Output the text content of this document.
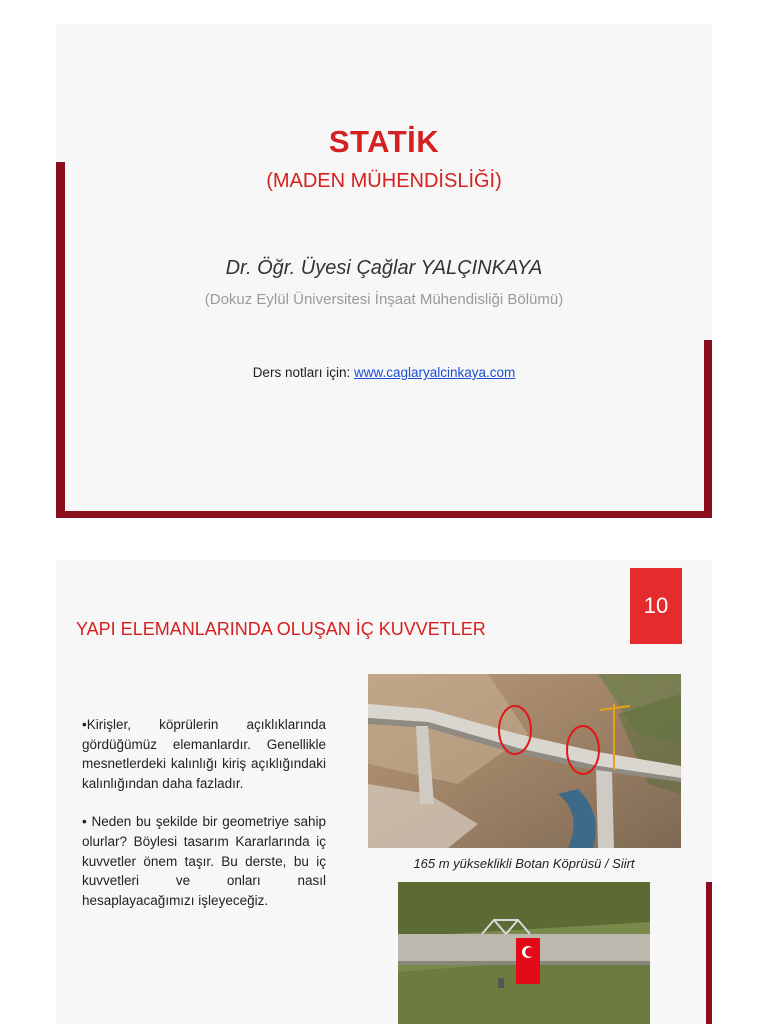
STATİK
(MADEN MÜHENDİSLİĞİ)
Dr. Öğr. Üyesi Çağlar YALÇINKAYA
(Dokuz Eylül Üniversitesi İnşaat Mühendisliği Bölümü)
Ders notları için: www.caglaryalcinkaya.com
10
YAPI ELEMANLARINDA OLUŞAN İÇ KUVVETLER

•Kirişler, köprülerin açıklıklarında gördüğümüz elemanlardır. Genellikle mesnetlerdeki kalınlığı kiriş açıklığındaki kalınlığından daha fazladır.

• Neden bu şekilde bir geometriye sahip olurlar? Böylesi tasarım Kararlarında iç kuvvetler önem taşır. Bu derste, bu iç kuvvetleri ve onları nasıl hesaplayacağımızı işleyeceğiz.

165 m yükseklikli Botan Köprüsü / Siirt
